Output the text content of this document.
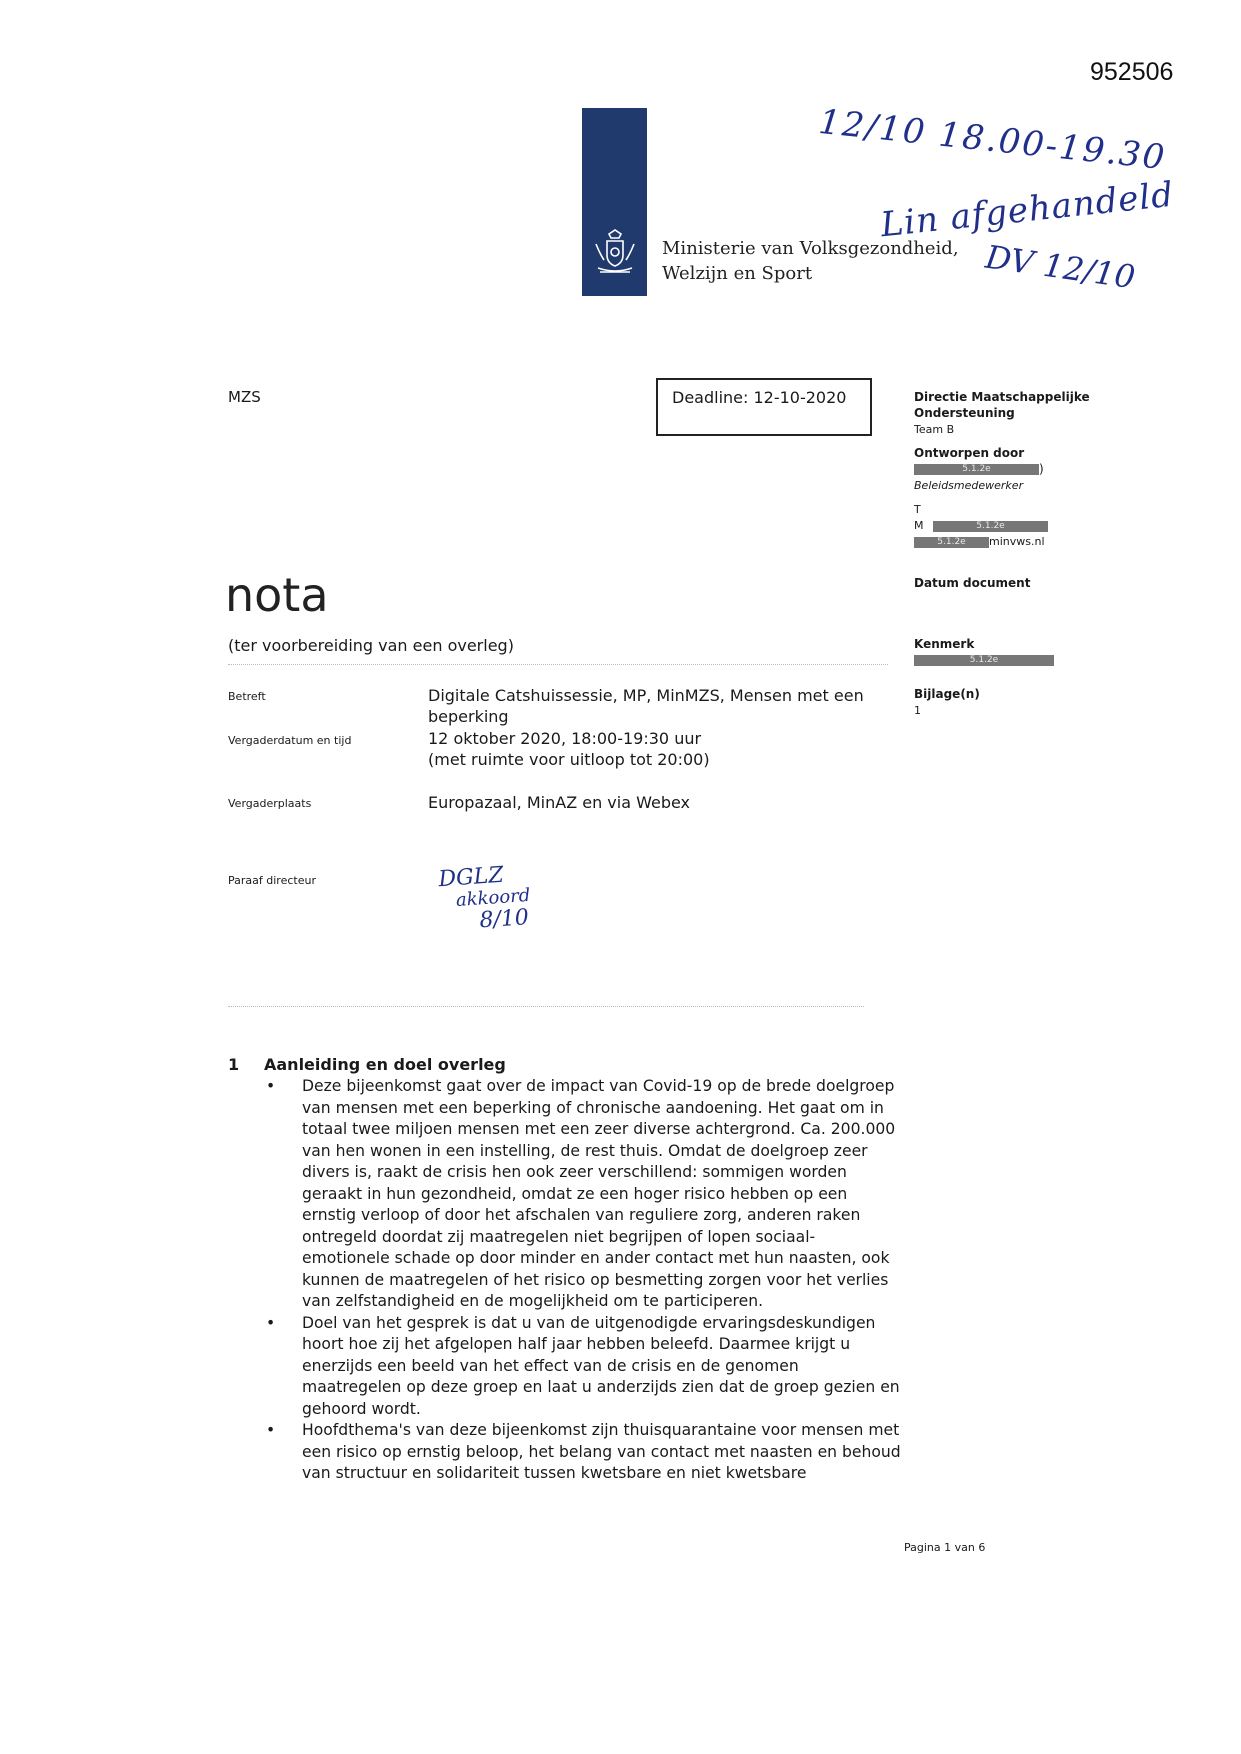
952506
Ministerie van Volksgezondheid,
Welzijn en Sport
12/10 18.00-19.30
Lin afgehandeld
DV 12/10
MZS	Deadline: 12-10-2020	Directie Maatschappelijke
Ondersteuning
Team B
Ontworpen door
5.1.2e	)
Beleidsmedewerker
T
M	5.1.2e
5.1.2e minvws.nl
Datum document
Kenmerk
5.1.2e
Bijlage(n)
1
nota
(ter voorbereiding van een overleg)
Betreft	Digitale Catshuissessie, MP, MinMZS, Mensen met een beperking
Vergaderdatum en tijd	12 oktober 2020, 18:00-19:30 uur
(met ruimte voor uitloop tot 20:00)
Vergaderplaats	Europazaal, MinAZ en via Webex
Paraaf directeur	DGLZ
akkoord
8/10
1 Aanleiding en doel overleg
• Deze bijeenkomst gaat over de impact van Covid-19 op de brede doelgroep van mensen met een beperking of chronische aandoening. Het gaat om in totaal twee miljoen mensen met een zeer diverse achtergrond. Ca. 200.000 van hen wonen in een instelling, de rest thuis. Omdat de doelgroep zeer divers is, raakt de crisis hen ook zeer verschillend: sommigen worden geraakt in hun gezondheid, omdat ze een hoger risico hebben op een ernstig verloop of door het afschalen van reguliere zorg, anderen raken ontregeld doordat zij maatregelen niet begrijpen of lopen sociaal-emotionele schade op door minder en ander contact met hun naasten, ook kunnen de maatregelen of het risico op besmetting zorgen voor het verlies van zelfstandigheid en de mogelijkheid om te participeren.
• Doel van het gesprek is dat u van de uitgenodigde ervaringsdeskundigen hoort hoe zij het afgelopen half jaar hebben beleefd. Daarmee krijgt u enerzijds een beeld van het effect van de crisis en de genomen maatregelen op deze groep en laat u anderzijds zien dat de groep gezien en gehoord wordt.
• Hoofdthema's van deze bijeenkomst zijn thuisquarantaine voor mensen met een risico op ernstig beloop, het belang van contact met naasten en behoud van structuur en solidariteit tussen kwetsbare en niet kwetsbare
Pagina 1 van 6
